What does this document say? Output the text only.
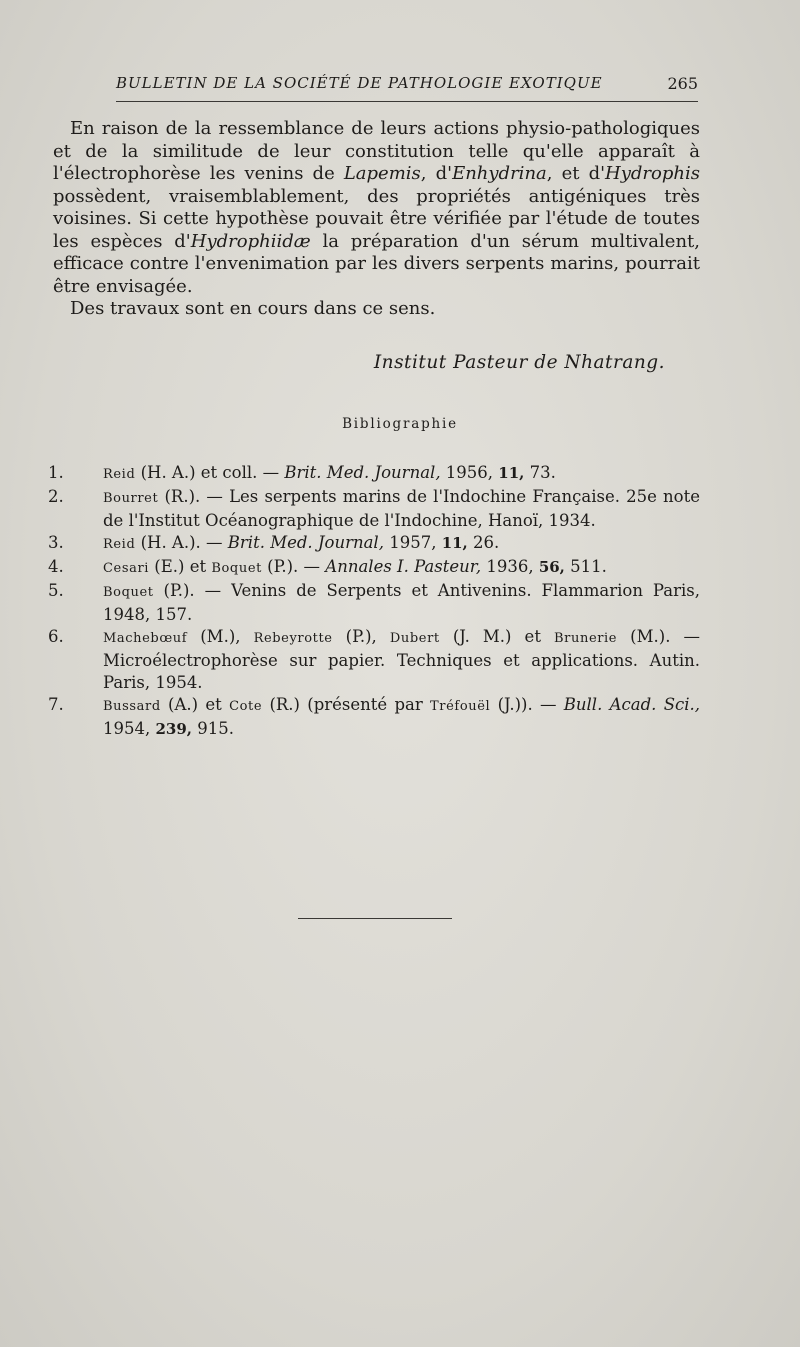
BULLETIN DE LA SOCIÉTÉ DE PATHOLOGIE EXOTIQUE	265

En raison de la ressemblance de leurs actions physio-pathologiques et de la similitude de leur constitution telle qu'elle apparaît à l'électrophorèse les venins de Lapemis, d'Enhydrina, et d'Hydrophis possèdent, vraisemblablement, des propriétés antigéniques très voisines. Si cette hypothèse pouvait être vérifiée par l'étude de toutes les espèces d'Hydrophiidæ la préparation d'un sérum multivalent, efficace contre l'envenimation par les divers serpents marins, pourrait être envisagée.

Des travaux sont en cours dans ce sens.

Institut Pasteur de Nhatrang.
Bibliographie
1.	Reid (H. A.) et coll. — Brit. Med. Journal, 1956, 11, 73.
2.	Bourret (R.). — Les serpents marins de l'Indochine Française. 25e note de l'Institut Océanographique de l'Indochine, Hanoï, 1934.
3.	Reid (H. A.). — Brit. Med. Journal, 1957, 11, 26.
4.	Cesari (E.) et Boquet (P.). — Annales I. Pasteur, 1936, 56, 511.
5.	Boquet (P.). — Venins de Serpents et Antivenins. Flammarion Paris, 1948, 157.
6.	Machebœuf (M.), Rebeyrotte (P.), Dubert (J. M.) et Brunerie (M.). — Microélectrophorèse sur papier. Techniques et applications. Autin. Paris, 1954.
7.	Bussard (A.) et Cote (R.) (présenté par Tréfouël (J.)). — Bull. Acad. Sci., 1954, 239, 915.
